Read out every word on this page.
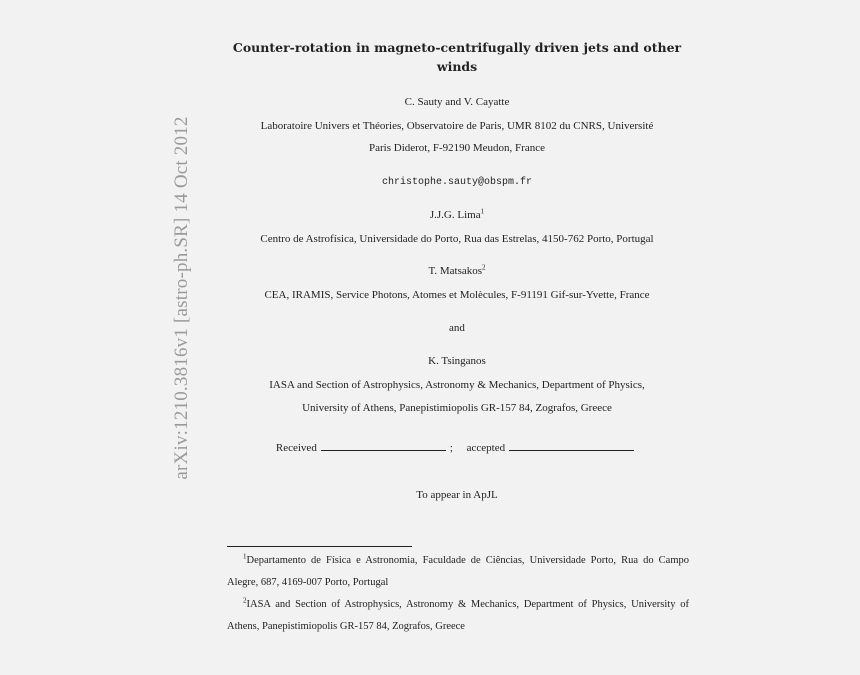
arXiv:1210.3816v1 [astro-ph.SR] 14 Oct 2012
Counter-rotation in magneto-centrifugally driven jets and other winds
C. Sauty and V. Cayatte
Laboratoire Univers et Théories, Observatoire de Paris, UMR 8102 du CNRS, Université
Paris Diderot, F-92190 Meudon, France
christophe.sauty@obspm.fr
J.J.G. Lima$^1$
Centro de Astrofísica, Universidade do Porto, Rua das Estrelas, 4150-762 Porto, Portugal
T. Matsakos$^2$
CEA, IRAMIS, Service Photons, Atomes et Molècules, F-91191 Gif-sur-Yvette, France
and
K. Tsinganos
IASA and Section of Astrophysics, Astronomy & Mechanics, Department of Physics,
University of Athens, Panepistimiopolis GR-157 84, Zografos, Greece
Received	; accepted
To appear in ApJL
$^1$Departamento de Física e Astronomia, Faculdade de Ciências, Universidade Porto, Rua do Campo Alegre, 687, 4169-007 Porto, Portugal
$^2$IASA and Section of Astrophysics, Astronomy & Mechanics, Department of Physics, University of Athens, Panepistimiopolis GR-157 84, Zografos, Greece
